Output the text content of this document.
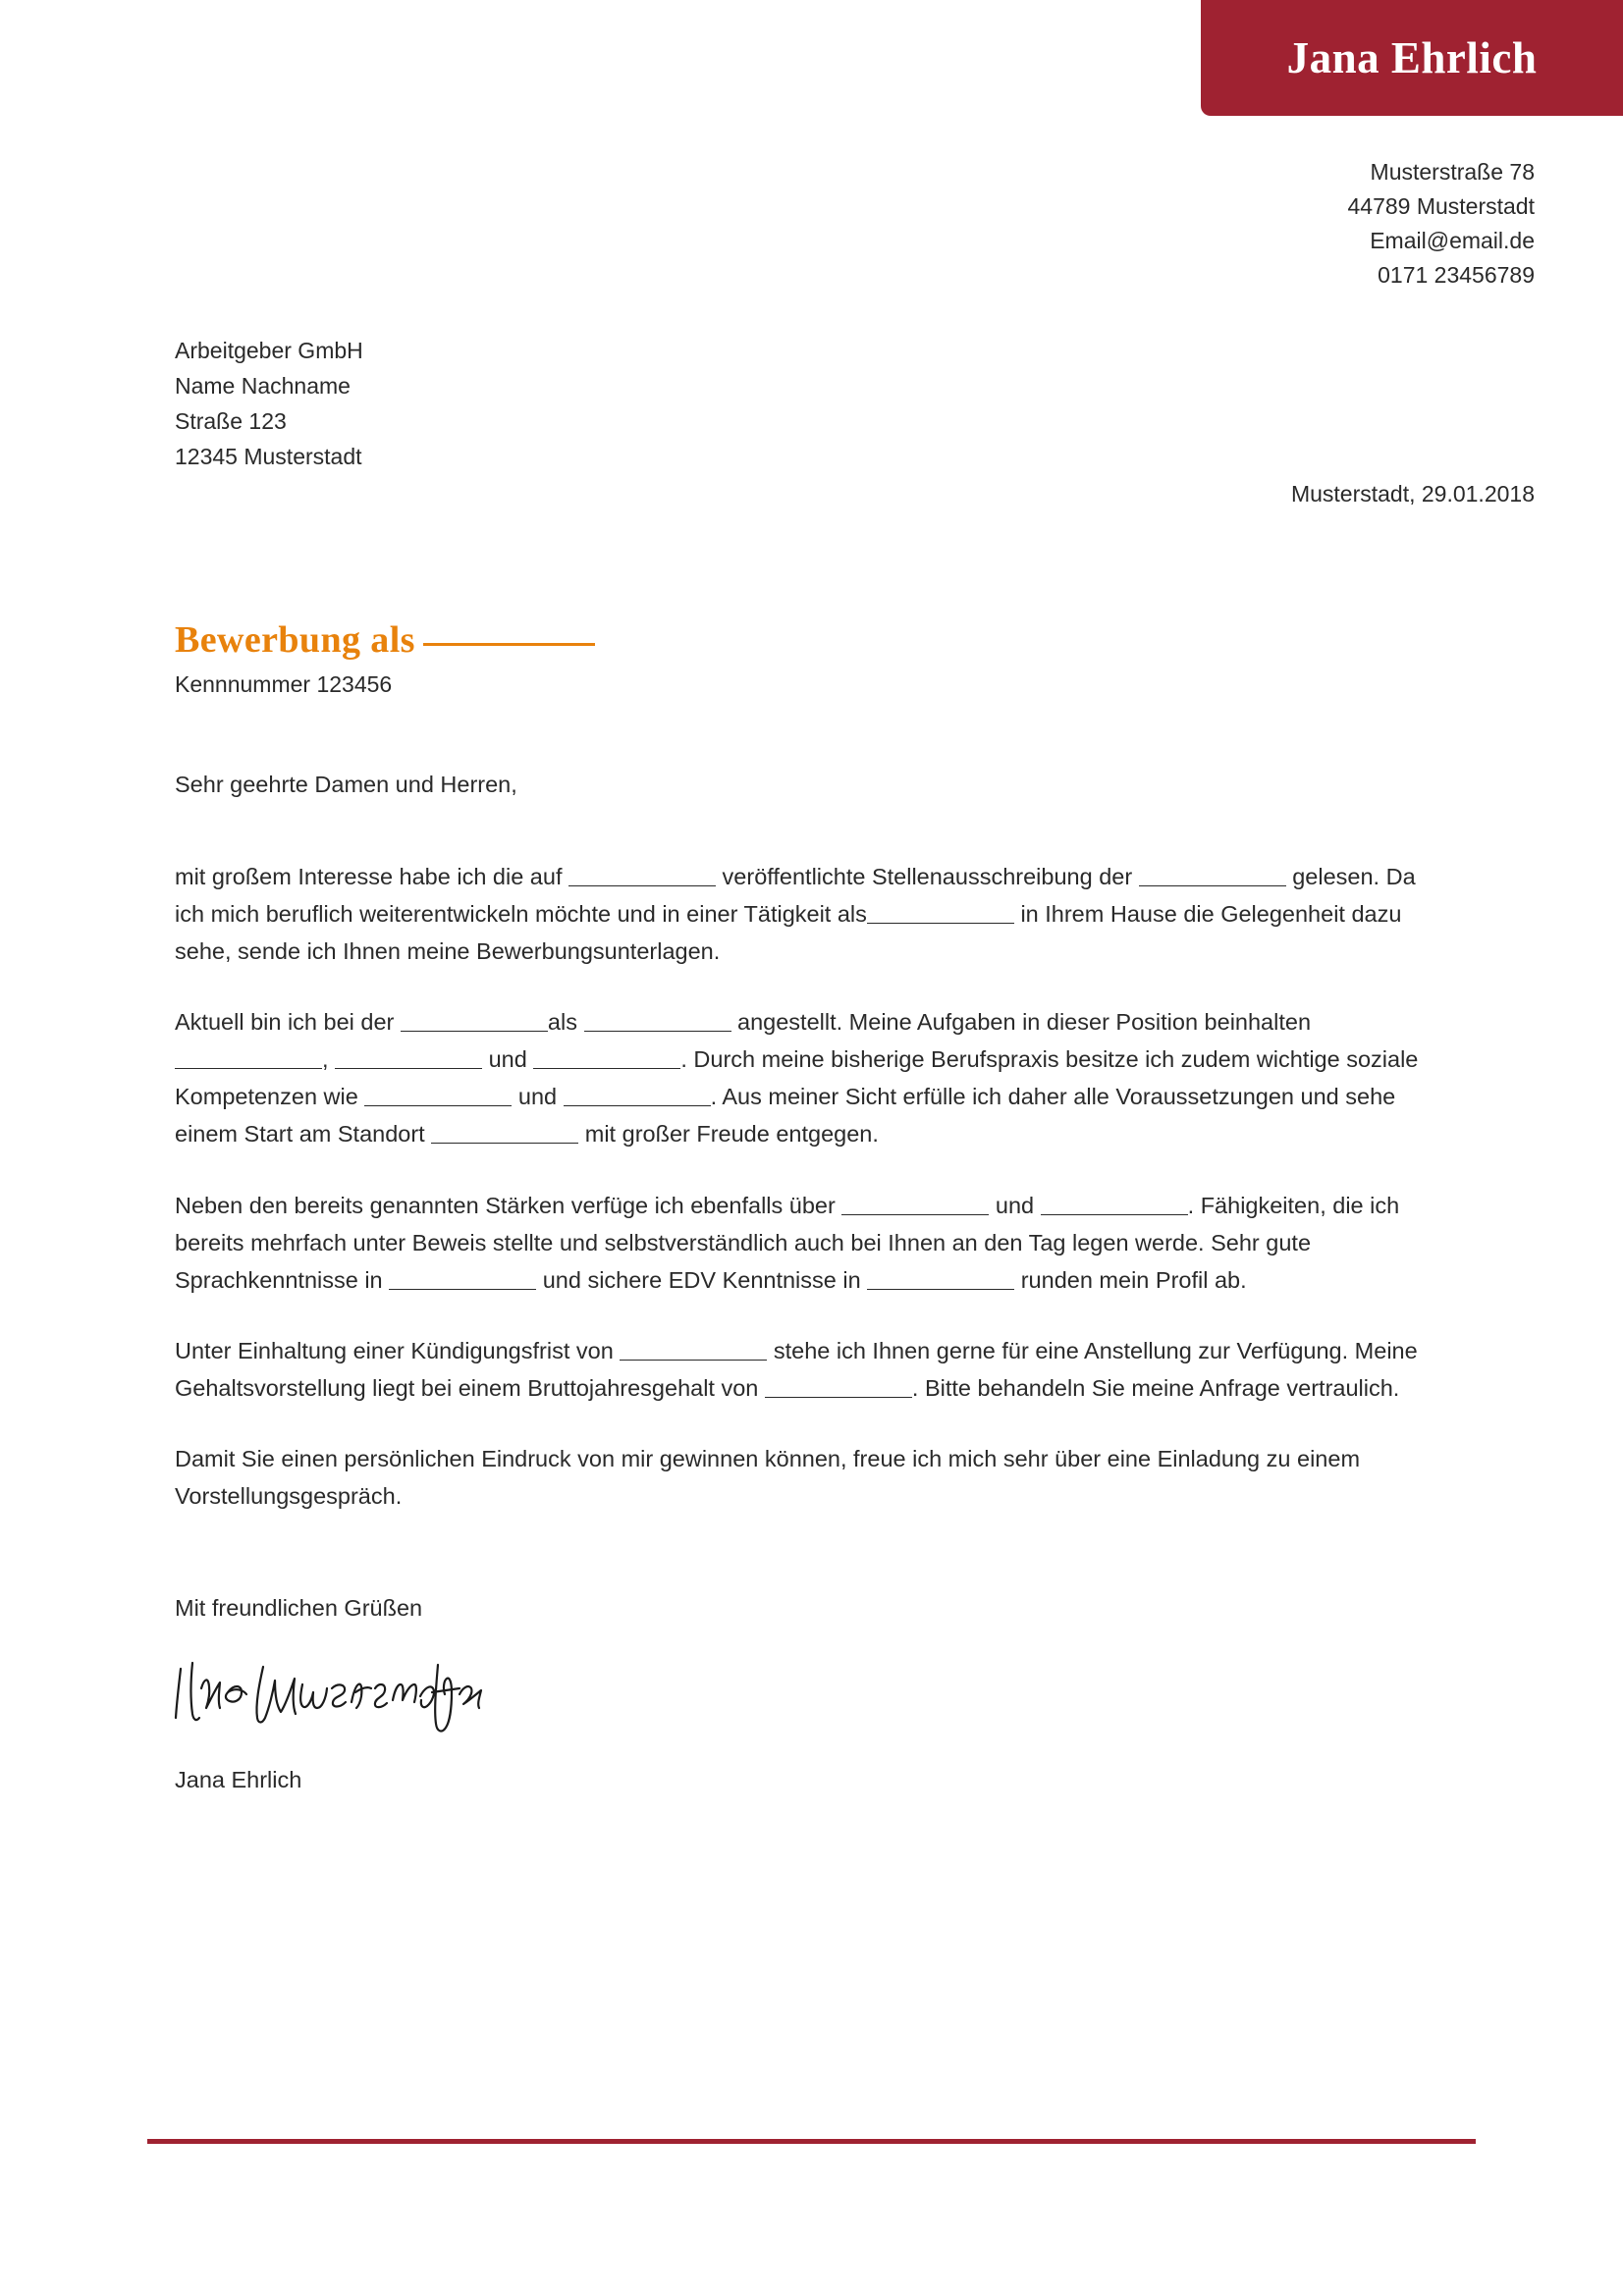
Jana Ehrlich
Musterstraße 78
44789 Musterstadt
Email@email.de
0171 23456789
Arbeitgeber GmbH
Name Nachname
Straße 123
12345 Musterstadt
Musterstadt, 29.01.2018
Bewerbung als
Kennnummer 123456

Sehr geehrte Damen und Herren,

mit großem Interesse habe ich die auf	veröffentlichte Stellenausschreibung der	gelesen. Da ich mich beruflich weiterentwickeln möchte und in einer Tätigkeit als	in Ihrem Hause die Gelegenheit dazu sehe, sende ich Ihnen meine Bewerbungsunterlagen.

Aktuell bin ich bei der	als	angestellt. Meine Aufgaben in dieser Position beinhalten ,	und	. Durch meine bisherige Berufspraxis besitze ich zudem wichtige soziale Kompetenzen wie	und	. Aus meiner Sicht erfülle ich daher alle Voraussetzungen und sehe einem Start am Standort	mit großer Freude entgegen.

Neben den bereits genannten Stärken verfüge ich ebenfalls über	und	. Fähigkeiten, die ich bereits mehrfach unter Beweis stellte und selbstverständlich auch bei Ihnen an den Tag legen werde. Sehr gute Sprachkenntnisse in	und sichere EDV Kenntnisse in	runden mein Profil ab.

Unter Einhaltung einer Kündigungsfrist von	stehe ich Ihnen gerne für eine Anstellung zur Verfügung. Meine Gehaltsvorstellung liegt bei einem Bruttojahresgehalt von	. Bitte behandeln Sie meine Anfrage vertraulich.

Damit Sie einen persönlichen Eindruck von mir gewinnen können, freue ich mich sehr über eine Einladung zu einem Vorstellungsgespräch.

Mit freundlichen Grüßen
Jana Ehrlich
